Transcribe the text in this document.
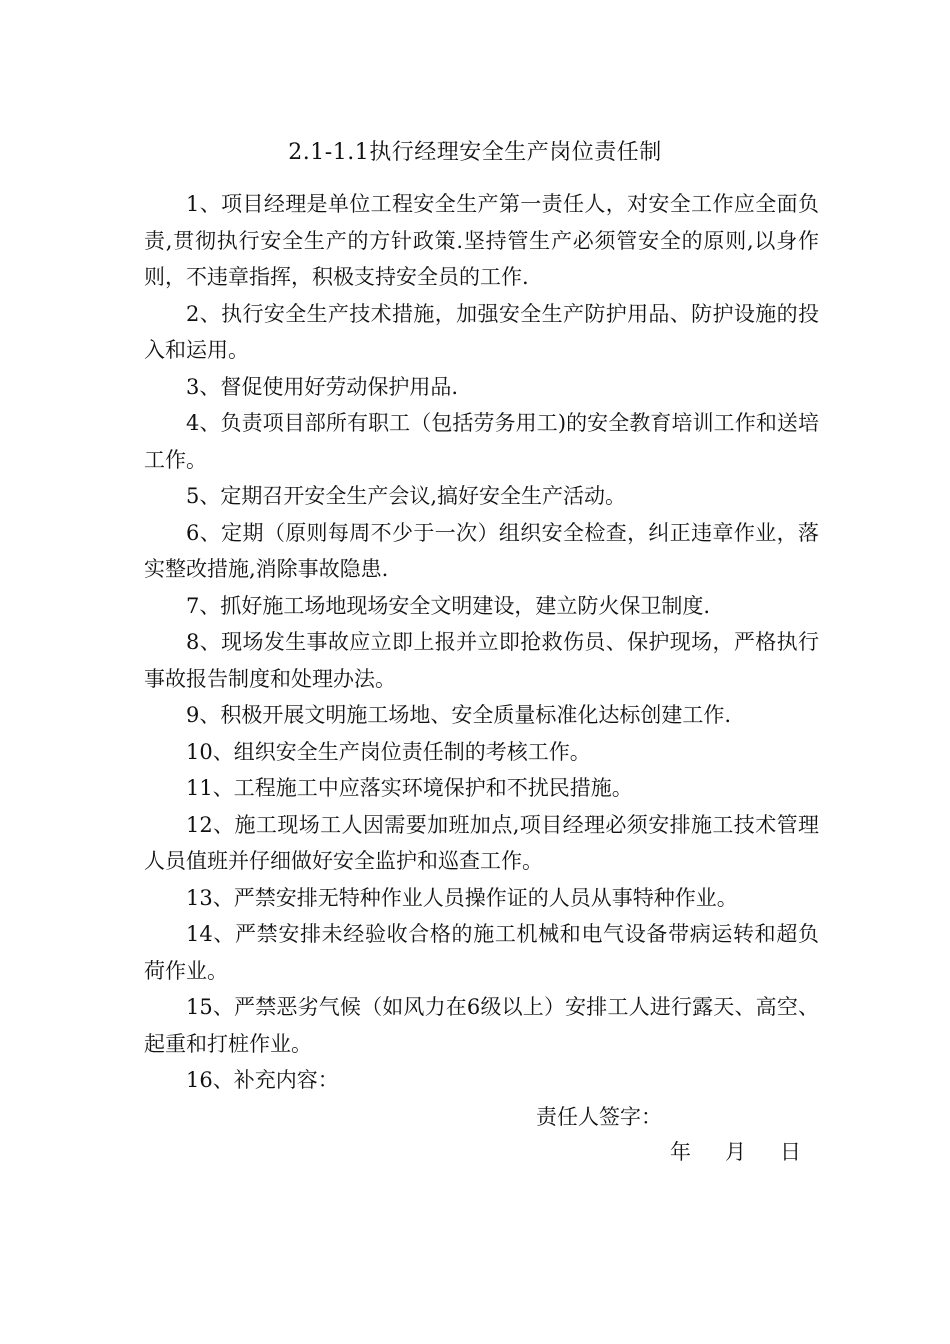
2.1-1.1执行经理安全生产岗位责任制

1、项目经理是单位工程安全生产第一责任人，对安全工作应全面负责,贯彻执行安全生产的方针政策.坚持管生产必须管安全的原则,以身作则，不违章指挥，积极支持安全员的工作.

2、执行安全生产技术措施，加强安全生产防护用品、防护设施的投入和运用。

3、督促使用好劳动保护用品.

4、负责项目部所有职工（包括劳务用工)的安全教育培训工作和送培工作。

5、定期召开安全生产会议,搞好安全生产活动。

6、定期（原则每周不少于一次）组织安全检查，纠正违章作业，落实整改措施,消除事故隐患.

7、抓好施工场地现场安全文明建设，建立防火保卫制度.

8、现场发生事故应立即上报并立即抢救伤员、保护现场，严格执行事故报告制度和处理办法。

9、积极开展文明施工场地、安全质量标准化达标创建工作.

10、组织安全生产岗位责任制的考核工作。

11、工程施工中应落实环境保护和不扰民措施。

12、施工现场工人因需要加班加点,项目经理必须安排施工技术管理人员值班并仔细做好安全监护和巡查工作。

13、严禁安排无特种作业人员操作证的人员从事特种作业。

14、严禁安排未经验收合格的施工机械和电气设备带病运转和超负荷作业。

15、严禁恶劣气候（如风力在6级以上）安排工人进行露天、高空、起重和打桩作业。

16、补充内容：

责任人签字：
年 月 日
